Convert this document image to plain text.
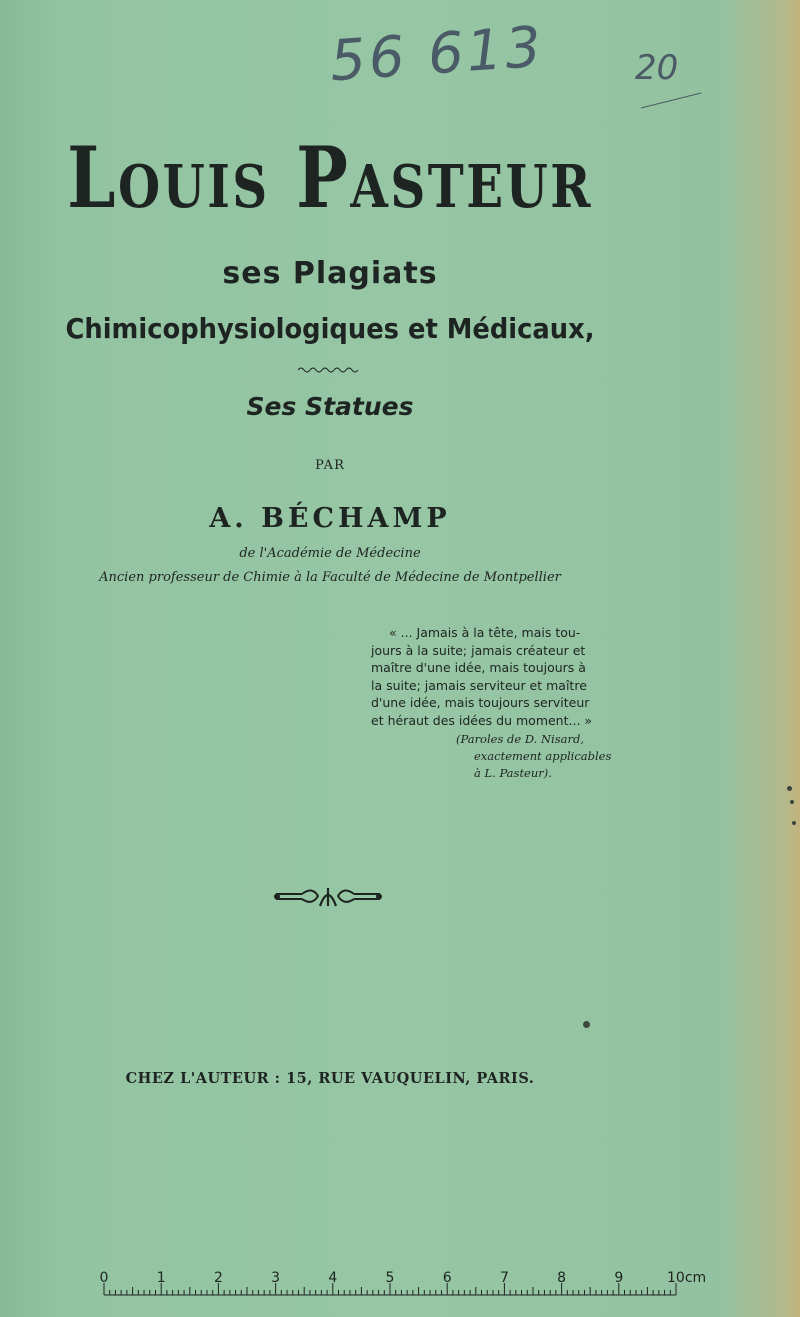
56 613	20
Louis Pasteur
ses Plagiats
Chimicophysiologiques et Médicaux,
Ses Statues
PAR
A. BÉCHAMP
de l'Académie de Médecine
Ancien professeur de Chimie à la Faculté de Médecine de Montpellier
« ... Jamais à la tête, mais tou-
jours à la suite; jamais créateur et
maître d'une idée, mais toujours à
la suite; jamais serviteur et maître
d'une idée, mais toujours serviteur
et héraut des idées du moment... »
(Paroles de D. Nisard,
exactement applicables
à L. Pasteur).
CHEZ L'AUTEUR : 15, RUE VAUQUELIN, PARIS.
0	1	2	3	4	5	6	7	8	9	10cm
